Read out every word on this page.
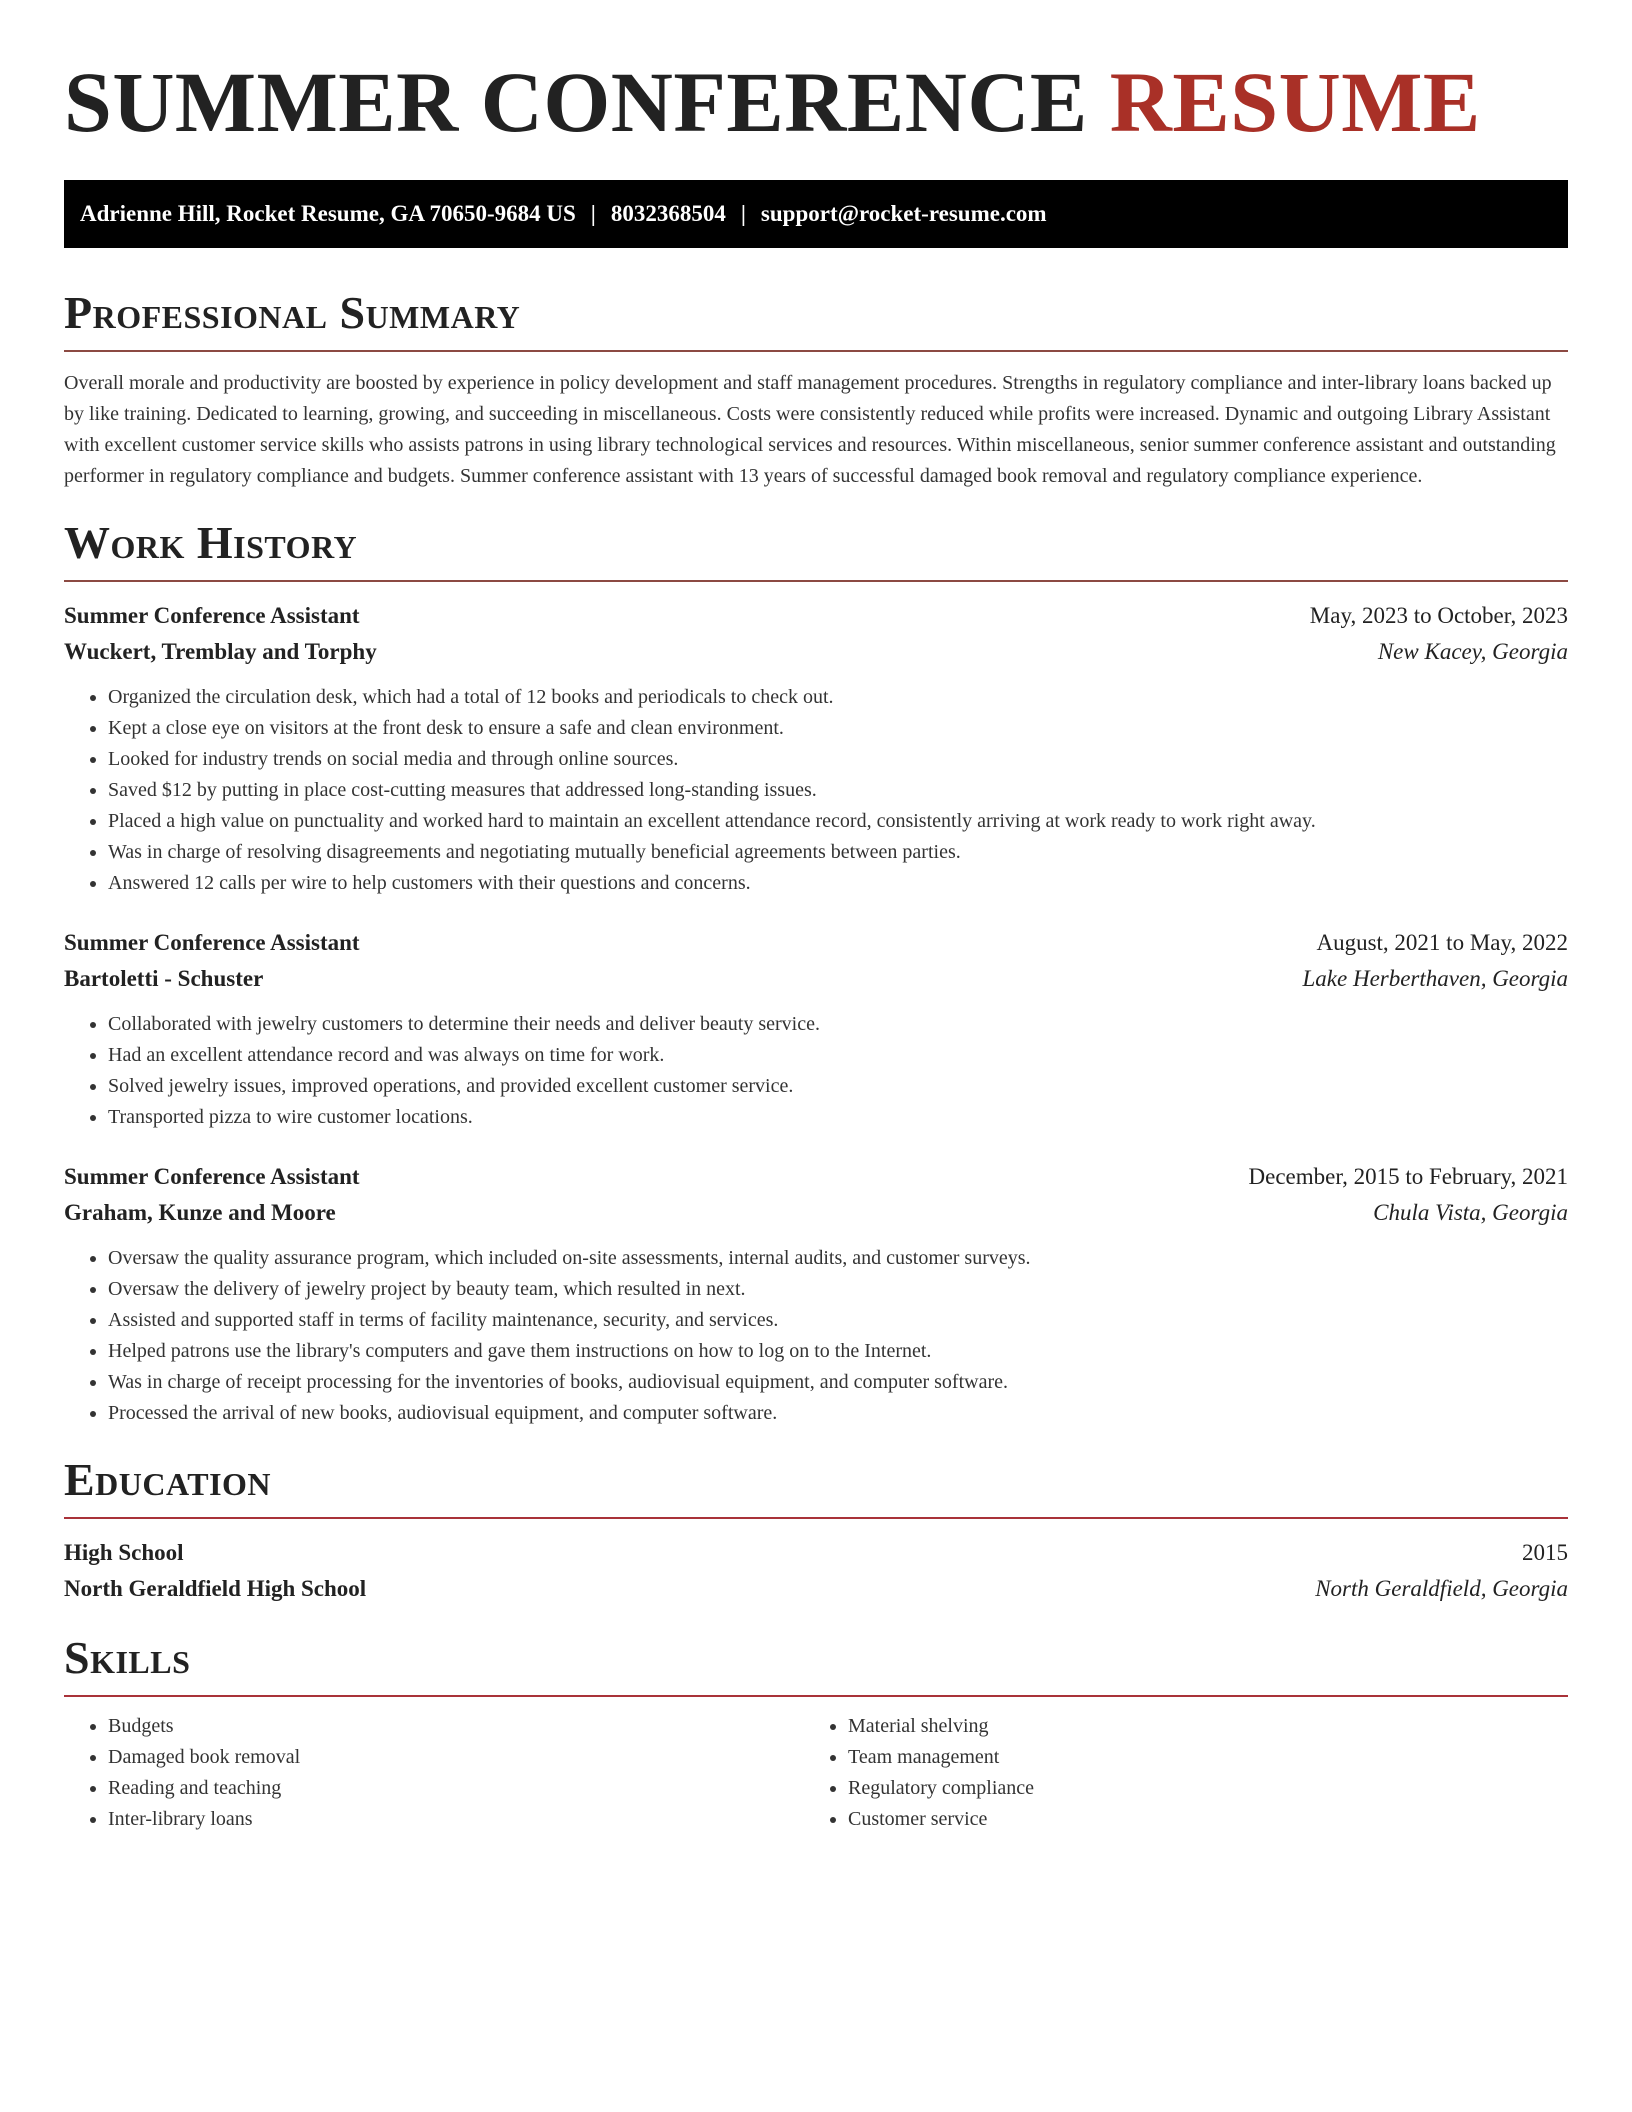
SUMMER CONFERENCE RESUME
Adrienne Hill, Rocket Resume, GA 70650-9684 US | 8032368504 | support@rocket-resume.com
Professional Summary

Overall morale and productivity are boosted by experience in policy development and staff management procedures. Strengths in regulatory compliance and inter-library loans backed up by like training. Dedicated to learning, growing, and succeeding in miscellaneous. Costs were consistently reduced while profits were increased. Dynamic and outgoing Library Assistant with excellent customer service skills who assists patrons in using library technological services and resources. Within miscellaneous, senior summer conference assistant and outstanding performer in regulatory compliance and budgets. Summer conference assistant with 13 years of successful damaged book removal and regulatory compliance experience.

Work History
Summer Conference Assistant	May, 2023 to October, 2023
Wuckert, Tremblay and Torphy	New Kacey, Georgia
• Organized the circulation desk, which had a total of 12 books and periodicals to check out.
• Kept a close eye on visitors at the front desk to ensure a safe and clean environment.
• Looked for industry trends on social media and through online sources.
• Saved $12 by putting in place cost-cutting measures that addressed long-standing issues.
• Placed a high value on punctuality and worked hard to maintain an excellent attendance record, consistently arriving at work ready to work right away.
• Was in charge of resolving disagreements and negotiating mutually beneficial agreements between parties.
• Answered 12 calls per wire to help customers with their questions and concerns.
Summer Conference Assistant	August, 2021 to May, 2022
Bartoletti - Schuster	Lake Herberthaven, Georgia
• Collaborated with jewelry customers to determine their needs and deliver beauty service.
• Had an excellent attendance record and was always on time for work.
• Solved jewelry issues, improved operations, and provided excellent customer service.
• Transported pizza to wire customer locations.
Summer Conference Assistant	December, 2015 to February, 2021
Graham, Kunze and Moore	Chula Vista, Georgia
• Oversaw the quality assurance program, which included on-site assessments, internal audits, and customer surveys.
• Oversaw the delivery of jewelry project by beauty team, which resulted in next.
• Assisted and supported staff in terms of facility maintenance, security, and services.
• Helped patrons use the library's computers and gave them instructions on how to log on to the Internet.
• Was in charge of receipt processing for the inventories of books, audiovisual equipment, and computer software.
• Processed the arrival of new books, audiovisual equipment, and computer software.
Education
High School	2015
North Geraldfield High School	North Geraldfield, Georgia
Skills
• Budgets
• Damaged book removal
• Reading and teaching
• Inter-library loans
• Material shelving
• Team management
• Regulatory compliance
• Customer service
